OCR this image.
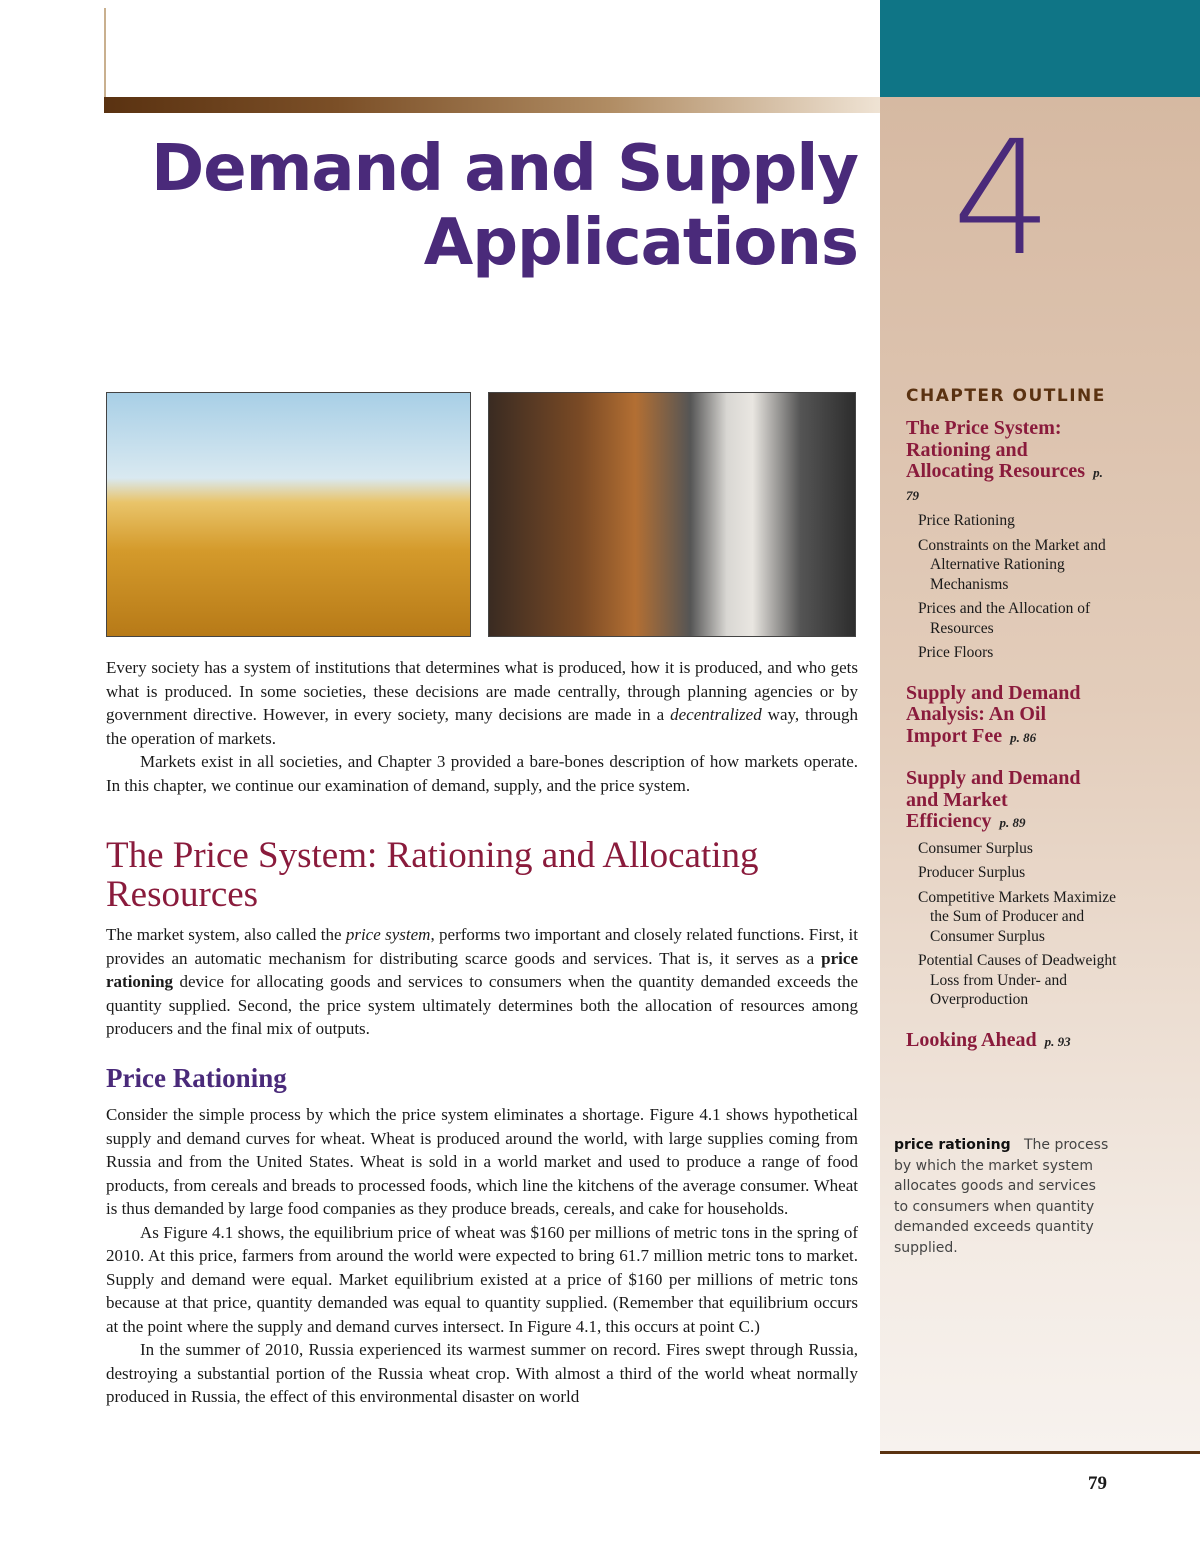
Demand and Supply
Applications 4

Every society has a system of institutions that determines what is produced, how it is produced, and who gets what is produced. In some societies, these decisions are made centrally, through planning agencies or by government directive. However, in every society, many decisions are made in a decentralized way, through the operation of markets.

Markets exist in all societies, and Chapter 3 provided a bare-bones description of how markets operate. In this chapter, we continue our examination of demand, supply, and the price system.

The Price System: Rationing and Allocating Resources

The market system, also called the price system, performs two important and closely related functions. First, it provides an automatic mechanism for distributing scarce goods and services. That is, it serves as a price rationing device for allocating goods and services to consumers when the quantity demanded exceeds the quantity supplied. Second, the price system ultimately determines both the allocation of resources among producers and the final mix of outputs.

Price Rationing

Consider the simple process by which the price system eliminates a shortage. Figure 4.1 shows hypothetical supply and demand curves for wheat. Wheat is produced around the world, with large supplies coming from Russia and from the United States. Wheat is sold in a world market and used to produce a range of food products, from cereals and breads to processed foods, which line the kitchens of the average consumer. Wheat is thus demanded by large food companies as they produce breads, cereals, and cake for households.

As Figure 4.1 shows, the equilibrium price of wheat was $160 per millions of metric tons in the spring of 2010. At this price, farmers from around the world were expected to bring 61.7 million metric tons to market. Supply and demand were equal. Market equilibrium existed at a price of $160 per millions of metric tons because at that price, quantity demanded was equal to quantity supplied. (Remember that equilibrium occurs at the point where the supply and demand curves intersect. In Figure 4.1, this occurs at point C.)

In the summer of 2010, Russia experienced its warmest summer on record. Fires swept through Russia, destroying a substantial portion of the Russia wheat crop. With almost a third of the world wheat normally produced in Russia, the effect of this environmental disaster on world

CHAPTER OUTLINE
The Price System: Rationing and Allocating Resources p. 79
Price Rationing
Constraints on the Market and Alternative Rationing Mechanisms
Prices and the Allocation of Resources
Price Floors
Supply and Demand Analysis: An Oil Import Fee p. 86
Supply and Demand and Market Efficiency p. 89
Consumer Surplus
Producer Surplus
Competitive Markets Maximize the Sum of Producer and Consumer Surplus
Potential Causes of Deadweight Loss from Under- and Overproduction
Looking Ahead p. 93
price rationing The process by which the market system allocates goods and services to consumers when quantity demanded exceeds quantity supplied.
79
